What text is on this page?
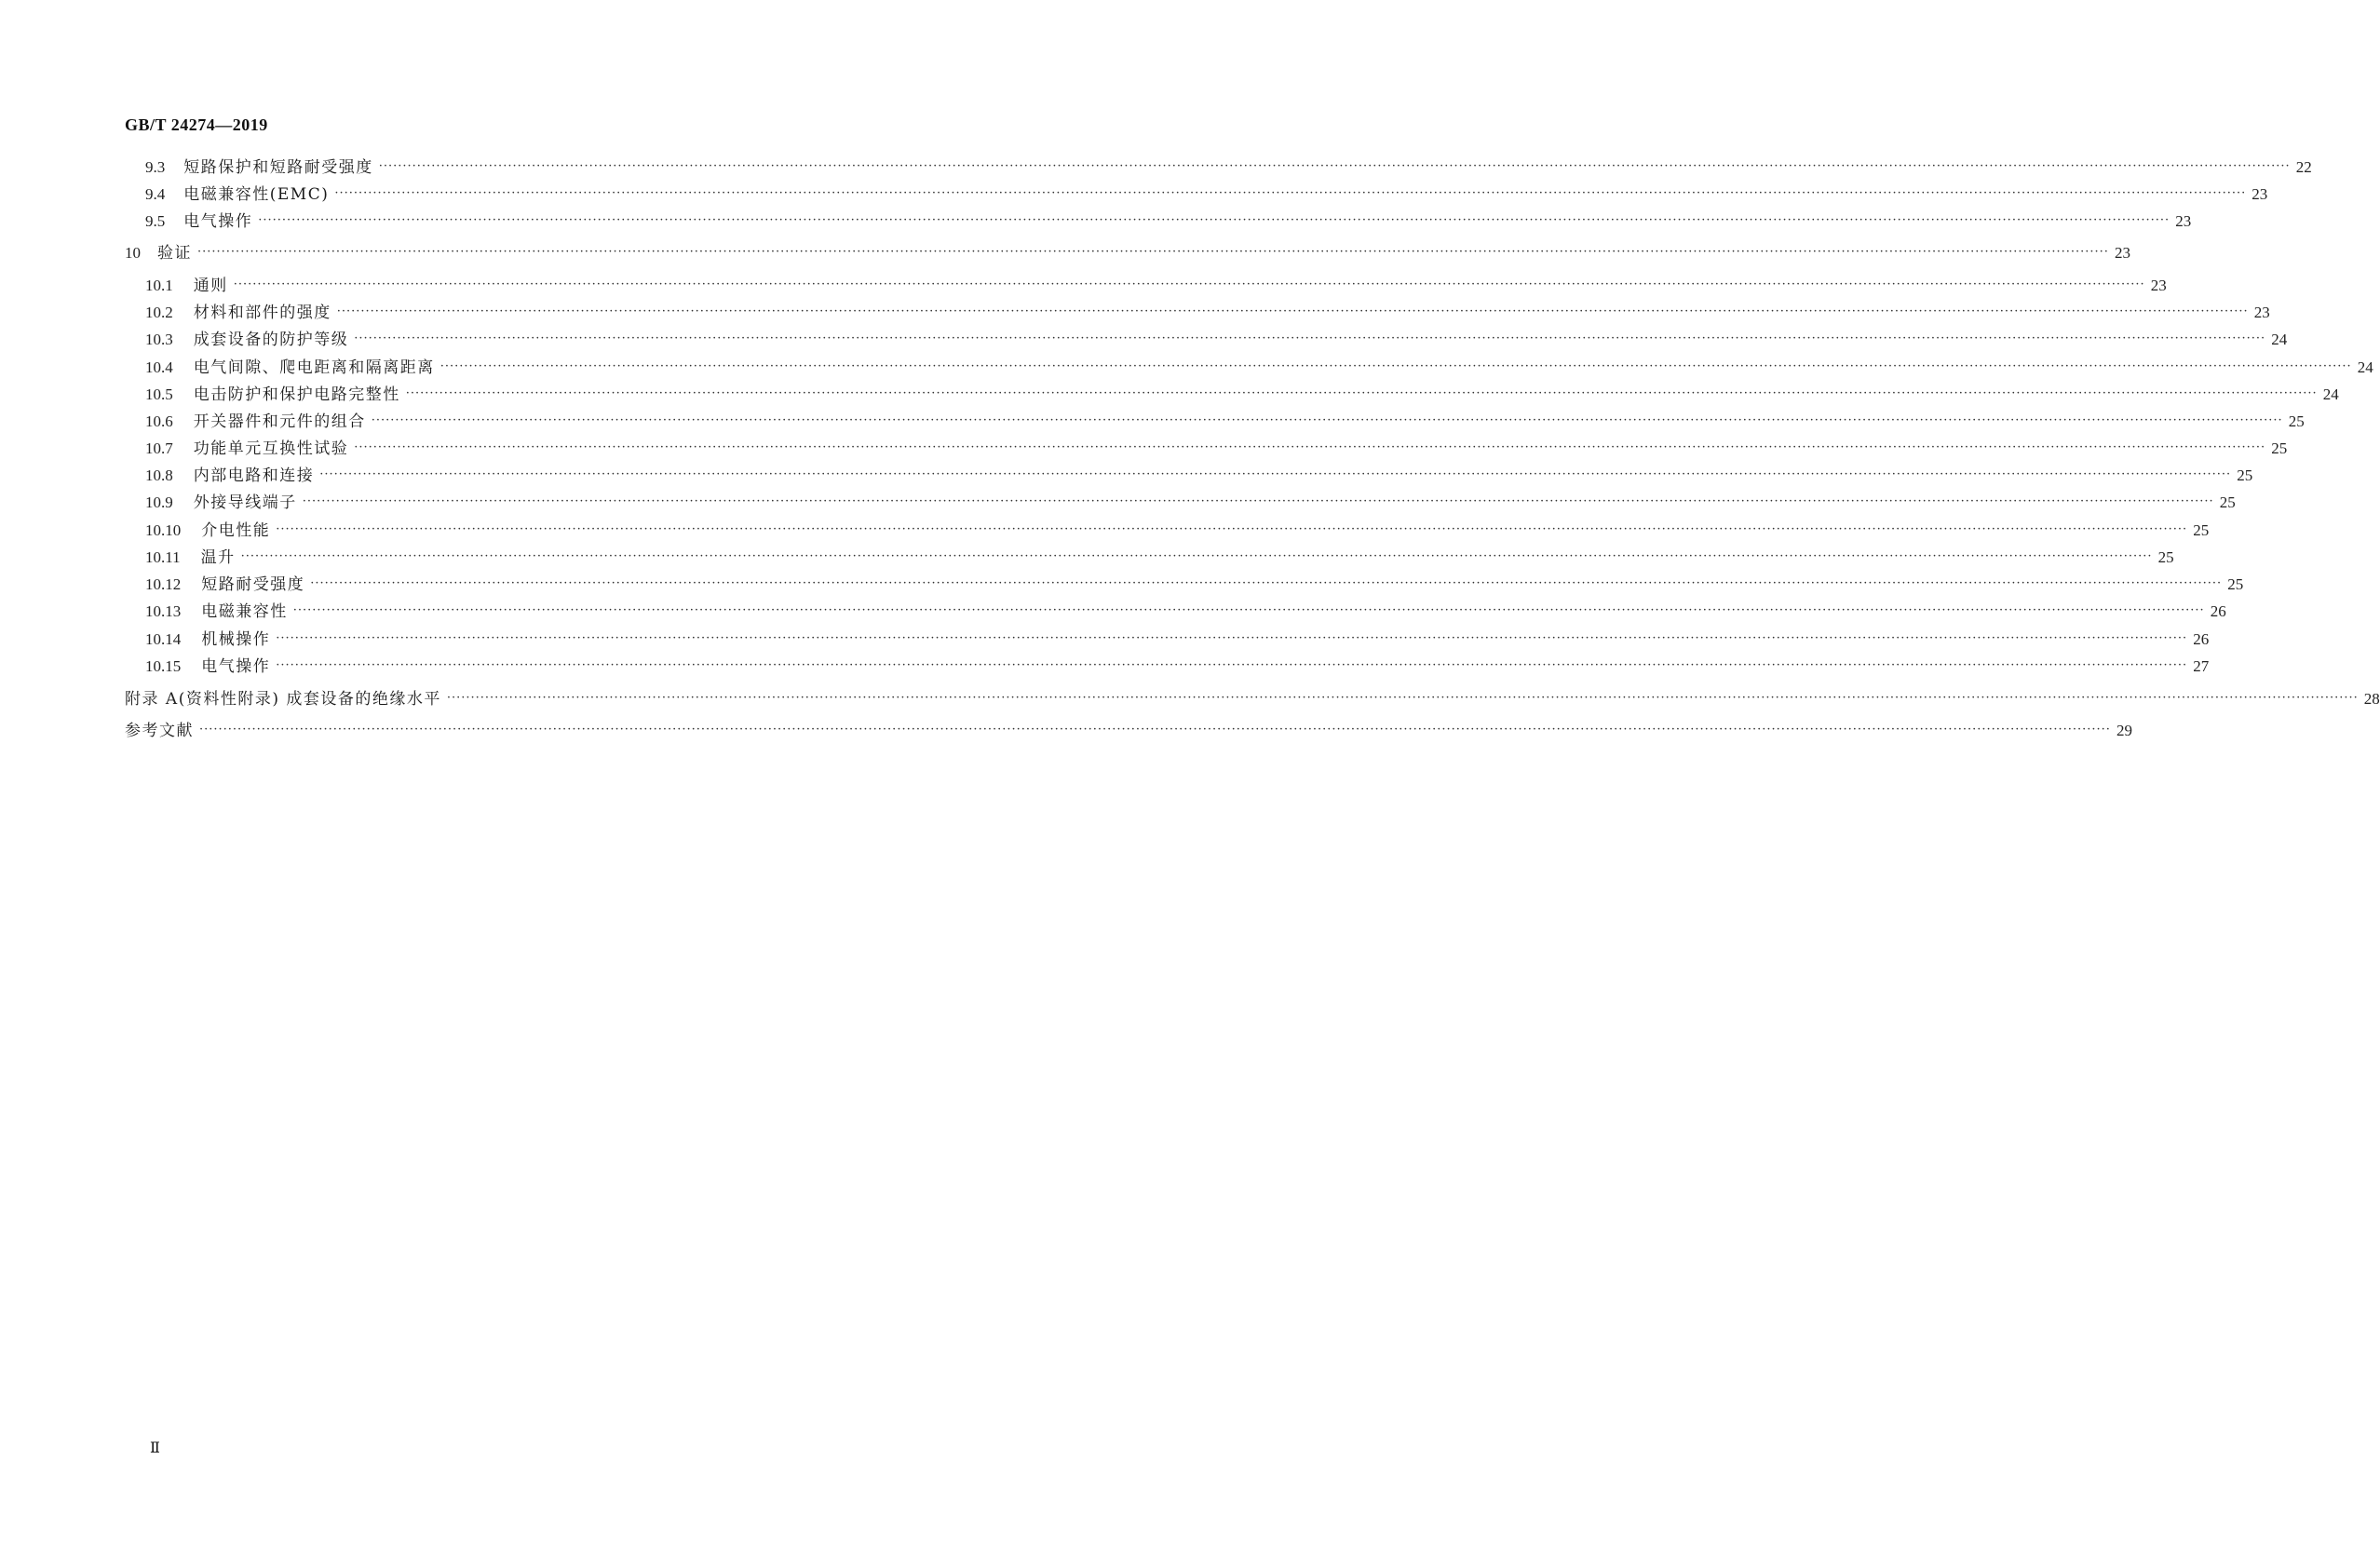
GB/T 24274—2019
9.3 短路保护和短路耐受强度 ················································································································································································································································································································································································································ 22
9.4 电磁兼容性(EMC) ················································································································································································································································································································································································································ 23
9.5 电气操作 ················································································································································································································································································································································································································ 23
10 验证 ················································································································································································································································································································································································································ 23
10.1 通则 ················································································································································································································································································································································································································ 23
10.2 材料和部件的强度 ················································································································································································································································································································································································································ 23
10.3 成套设备的防护等级 ················································································································································································································································································································································································································ 24
10.4 电气间隙、爬电距离和隔离距离 ················································································································································································································································································································································································································ 24
10.5 电击防护和保护电路完整性 ················································································································································································································································································································································································································ 24
10.6 开关器件和元件的组合 ················································································································································································································································································································································································································ 25
10.7 功能单元互换性试验 ················································································································································································································································································································································································································ 25
10.8 内部电路和连接 ················································································································································································································································································································································································································ 25
10.9 外接导线端子 ················································································································································································································································································································································································································ 25
10.10 介电性能 ················································································································································································································································································································································································································ 25
10.11 温升 ················································································································································································································································································································································································································ 25
10.12 短路耐受强度 ················································································································································································································································································································································································································ 25
10.13 电磁兼容性 ················································································································································································································································································································································································································ 26
10.14 机械操作 ················································································································································································································································································································································································································ 26
10.15 电气操作 ················································································································································································································································································································································································································ 27
附录 A (资料性附录) 成套设备的绝缘水平 ················································································································································································································································································································································································································ 28
参考文献 ················································································································································································································································································································································································································ 29
Ⅱ
